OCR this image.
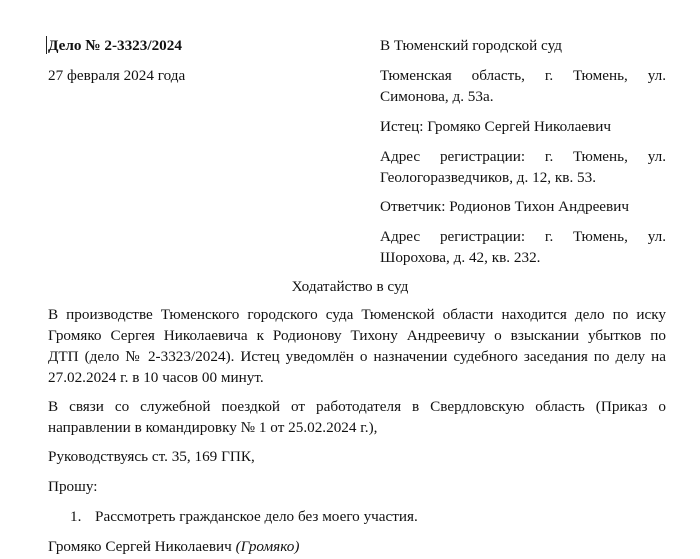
Дело № 2-3323/2024
27 февраля 2024 года
В Тюменский городской суд
Тюменская область, г. Тюмень, ул.
Симонова, д. 53а.
Истец: Громяко Сергей Николаевич
Адрес регистрации: г. Тюмень, ул.
Геологоразведчиков, д. 12, кв. 53.
Ответчик: Родионов Тихон Андреевич
Адрес регистрации: г. Тюмень, ул.
Шорохова, д. 42, кв. 232.
Ходатайство в суд
В производстве Тюменского городского суда Тюменской области находится дело по иску
Громяко Сергея Николаевича к Родионову Тихону Андреевичу о взыскании убытков по
ДТП (дело № 2-3323/2024). Истец уведомлён о назначении судебного заседания по делу на
27.02.2024 г. в 10 часов 00 минут.
В связи со служебной поездкой от работодателя в Свердловскую область (Приказ о
направлении в командировку № 1 от 25.02.2024 г.),
Руководствуясь ст. 35, 169 ГПК,
Прошу:
1. Рассмотреть гражданское дело без моего участия.
Громяко Сергей Николаевич (Громяко)
